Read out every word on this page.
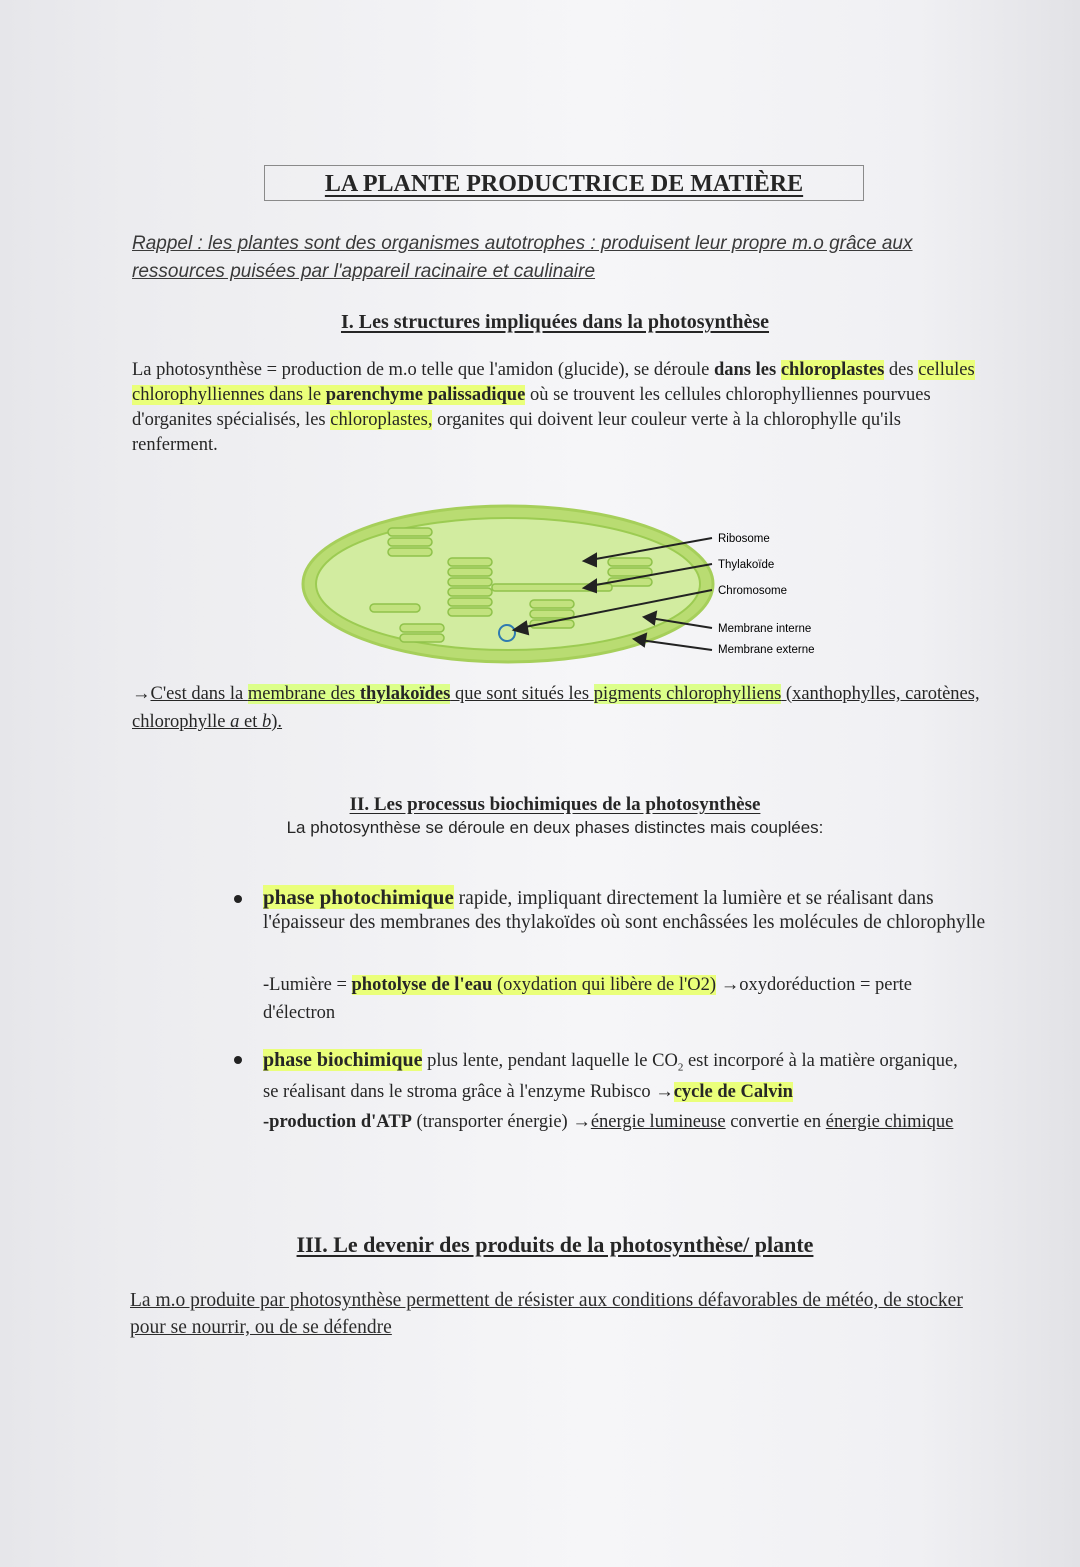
LA PLANTE PRODUCTRICE DE MATIÈRE
Rappel : les plantes sont des organismes autotrophes : produisent leur propre m.o grâce aux ressources puisées par l'appareil racinaire et caulinaire
I. Les structures impliquées dans la photosynthèse
La photosynthèse = production de m.o telle que l'amidon (glucide), se déroule dans les chloroplastes des cellules chlorophylliennes dans le parenchyme palissadique où se trouvent les cellules chlorophylliennes pourvues d'organites spécialisés, les chloroplastes, organites qui doivent leur couleur verte à la chlorophylle qu'ils renferment.
Ribosome
Thylakoïde
Chromosome
Membrane interne
Membrane externe
→C'est dans la membrane des thylakoïdes que sont situés les pigments chlorophylliens (xanthophylles, carotènes, chlorophylle a et b).
II. Les processus biochimiques de la photosynthèse
La photosynthèse se déroule en deux phases distinctes mais couplées:
phase photochimique rapide, impliquant directement la lumière et se réalisant dans l'épaisseur des membranes des thylakoïdes où sont enchâssées les molécules de chlorophylle
-Lumière = photolyse de l'eau (oxydation qui libère de l'O2) →oxydoréduction = perte d'électron
phase biochimique plus lente, pendant laquelle le $CO_2$ est incorporé à la matière organique, se réalisant dans le stroma grâce à l'enzyme Rubisco →cycle de Calvin
-production d'ATP (transporter énergie) →énergie lumineuse convertie en énergie chimique
III. Le devenir des produits de la photosynthèse/ plante
La m.o produite par photosynthèse permettent de résister aux conditions défavorables de météo, de stocker pour se nourrir, ou de se défendre
